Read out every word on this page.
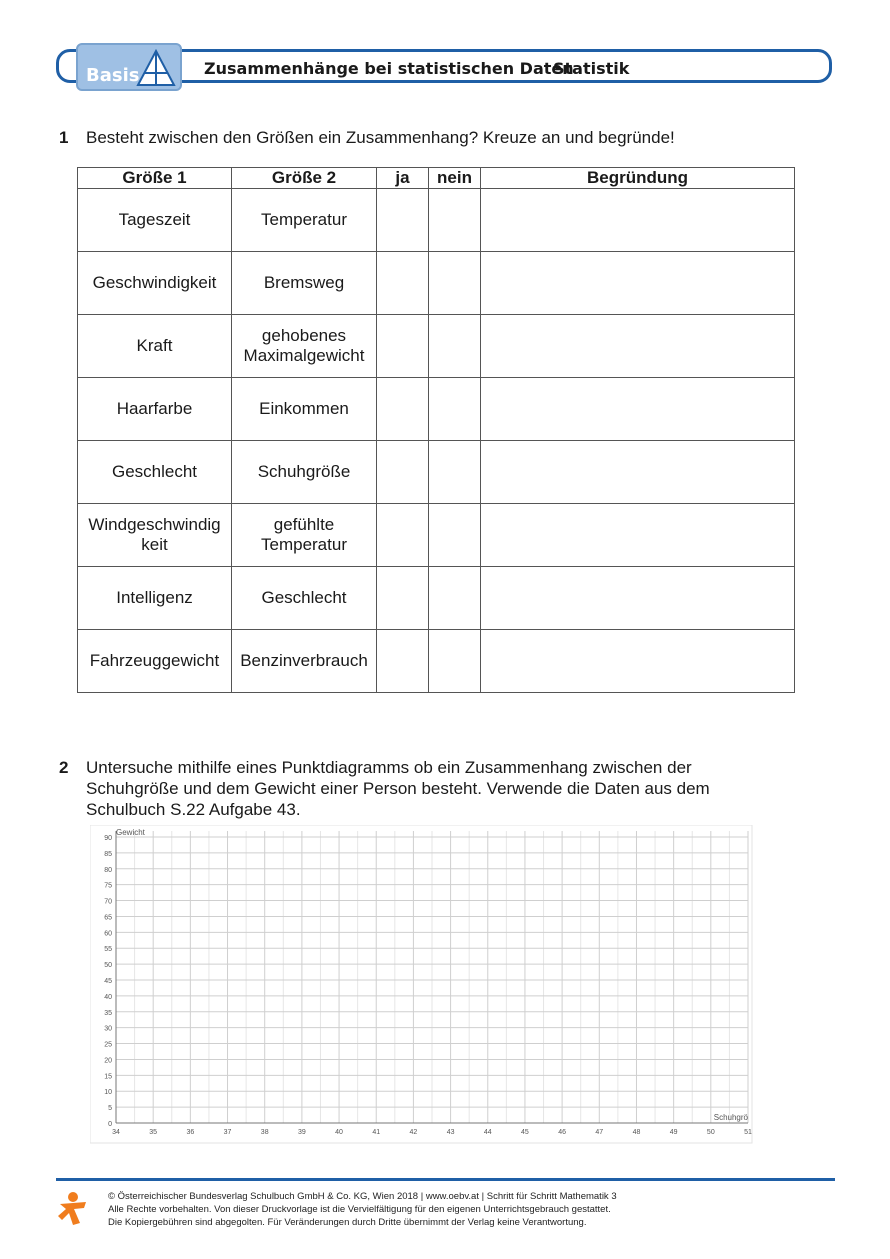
Basis	Zusammenhänge bei statistischen Daten
Statistik
1 Besteht zwischen den Größen ein Zusammenhang? Kreuze an und begründe!
Größe 1	Größe 2	ja	nein	Begründung
Tageszeit	Temperatur			
Geschwindigkeit	Bremsweg			
Kraft	gehobenes Maximalgewicht			
Haarfarbe	Einkommen			
Geschlecht	Schuhgröße			
Windgeschwindig keit	gefühlte Temperatur			
Intelligenz	Geschlecht			
Fahrzeuggewicht	Benzinverbrauch			
2 Untersuche mithilfe eines Punktdiagramms ob ein Zusammenhang zwischen der
Schuhgröße und dem Gewicht einer Person besteht. Verwende die Daten aus dem
Schulbuch S.22 Aufgabe 43.
0
5
10
15
20
25
30
35
40
45
50
55
60
65
70
75
80
85
90
34	35	36	37	38	39	40	41	42	43	44	45	46	47	48	49	50	51
Gewicht
Schuhgrö
© Österreichischer Bundesverlag Schulbuch GmbH & Co. KG, Wien 2018 | www.oebv.at | Schritt für Schritt Mathematik 3
Alle Rechte vorbehalten. Von dieser Druckvorlage ist die Vervielfältigung für den eigenen Unterrichtsgebrauch gestattet.
Die Kopiergebühren sind abgegolten. Für Veränderungen durch Dritte übernimmt der Verlag keine Verantwortung.
